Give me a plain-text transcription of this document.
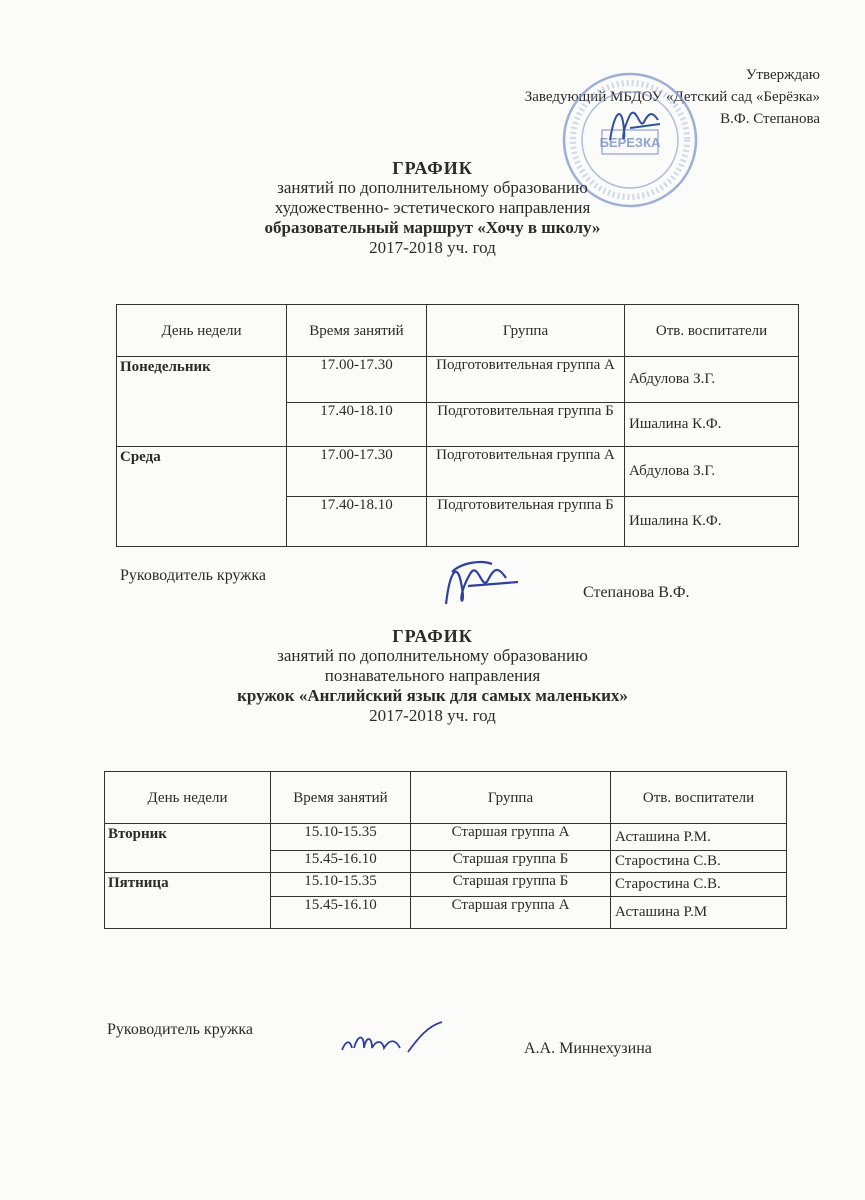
Утверждаю
Заведующий МБДОУ «Детский сад «Берёзка»
В.Ф. Степанова
БЕРЕЗКА
ГРАФИК
занятий по дополнительному образованию
художественно- эстетического направления
образовательный маршрут «Хочу в школу»
2017-2018 уч. год
День недели	Время занятий	Группа	Отв. воспитатели
Понедельник	17.00-17.30	Подготовительная группа А	Абдулова З.Г.
	17.40-18.10	Подготовительная группа Б	Ишалина К.Ф.
Среда	17.00-17.30	Подготовительная группа А	Абдулова З.Г.
	17.40-18.10	Подготовительная группа Б	Ишалина К.Ф.
Руководитель кружка
Степанова В.Ф.
ГРАФИК
занятий по дополнительному образованию
познавательного направления
кружок «Английский язык для самых маленьких»
2017-2018 уч. год
День недели	Время занятий	Группа	Отв. воспитатели
Вторник	15.10-15.35	Старшая группа А	Асташина Р.М.
	15.45-16.10	Старшая группа Б	Старостина С.В.
Пятница	15.10-15.35	Старшая группа Б	Старостина С.В.
	15.45-16.10	Старшая группа А	Асташина Р.М
Руководитель кружка
А.А. Миннехузина
